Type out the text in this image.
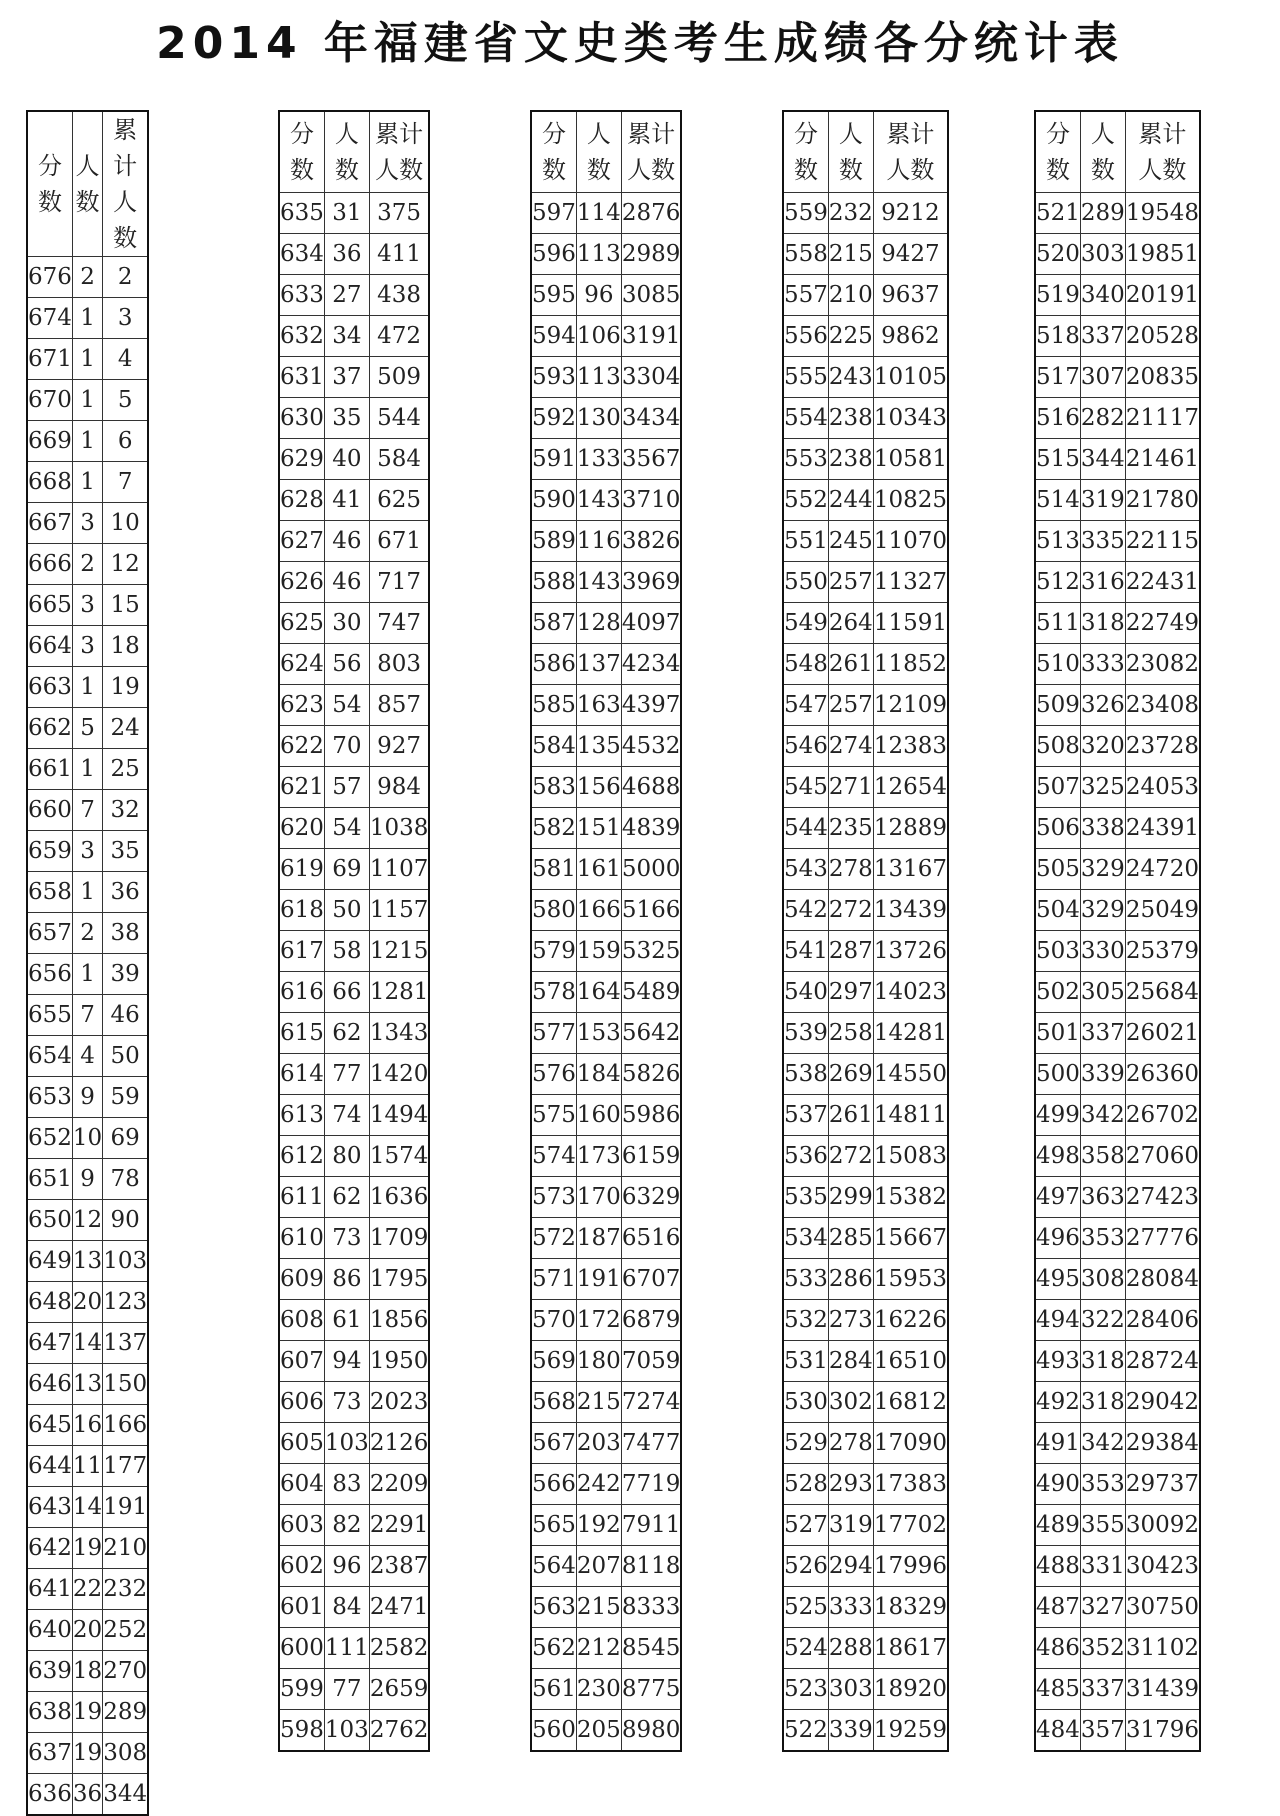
2014 年福建省文史类考生成绩各分统计表
分数	人数	累计
人数
676	2	2
674	1	3
671	1	4
670	1	5
669	1	6
668	1	7
667	3	10
666	2	12
665	3	15
664	3	18
663	1	19
662	5	24
661	1	25
660	7	32
659	3	35
658	1	36
657	2	38
656	1	39
655	7	46
654	4	50
653	9	59
652	10	69
651	9	78
650	12	90
649	13	103
648	20	123
647	14	137
646	13	150
645	16	166
644	11	177
643	14	191
642	19	210
641	22	232
640	20	252
639	18	270
638	19	289
637	19	308
636	36	344
分数	人数	累计
人数
635	31	375
634	36	411
633	27	438
632	34	472
631	37	509
630	35	544
629	40	584
628	41	625
627	46	671
626	46	717
625	30	747
624	56	803
623	54	857
622	70	927
621	57	984
620	54	1038
619	69	1107
618	50	1157
617	58	1215
616	66	1281
615	62	1343
614	77	1420
613	74	1494
612	80	1574
611	62	1636
610	73	1709
609	86	1795
608	61	1856
607	94	1950
606	73	2023
605	103	2126
604	83	2209
603	82	2291
602	96	2387
601	84	2471
600	111	2582
599	77	2659
598	103	2762
分数	人数	累计
人数
597	114	2876
596	113	2989
595	96	3085
594	106	3191
593	113	3304
592	130	3434
591	133	3567
590	143	3710
589	116	3826
588	143	3969
587	128	4097
586	137	4234
585	163	4397
584	135	4532
583	156	4688
582	151	4839
581	161	5000
580	166	5166
579	159	5325
578	164	5489
577	153	5642
576	184	5826
575	160	5986
574	173	6159
573	170	6329
572	187	6516
571	191	6707
570	172	6879
569	180	7059
568	215	7274
567	203	7477
566	242	7719
565	192	7911
564	207	8118
563	215	8333
562	212	8545
561	230	8775
560	205	8980
分数	人数	累计
人数
559	232	9212
558	215	9427
557	210	9637
556	225	9862
555	243	10105
554	238	10343
553	238	10581
552	244	10825
551	245	11070
550	257	11327
549	264	11591
548	261	11852
547	257	12109
546	274	12383
545	271	12654
544	235	12889
543	278	13167
542	272	13439
541	287	13726
540	297	14023
539	258	14281
538	269	14550
537	261	14811
536	272	15083
535	299	15382
534	285	15667
533	286	15953
532	273	16226
531	284	16510
530	302	16812
529	278	17090
528	293	17383
527	319	17702
526	294	17996
525	333	18329
524	288	18617
523	303	18920
522	339	19259
分数	人数	累计
人数
521	289	19548
520	303	19851
519	340	20191
518	337	20528
517	307	20835
516	282	21117
515	344	21461
514	319	21780
513	335	22115
512	316	22431
511	318	22749
510	333	23082
509	326	23408
508	320	23728
507	325	24053
506	338	24391
505	329	24720
504	329	25049
503	330	25379
502	305	25684
501	337	26021
500	339	26360
499	342	26702
498	358	27060
497	363	27423
496	353	27776
495	308	28084
494	322	28406
493	318	28724
492	318	29042
491	342	29384
490	353	29737
489	355	30092
488	331	30423
487	327	30750
486	352	31102
485	337	31439
484	357	31796
